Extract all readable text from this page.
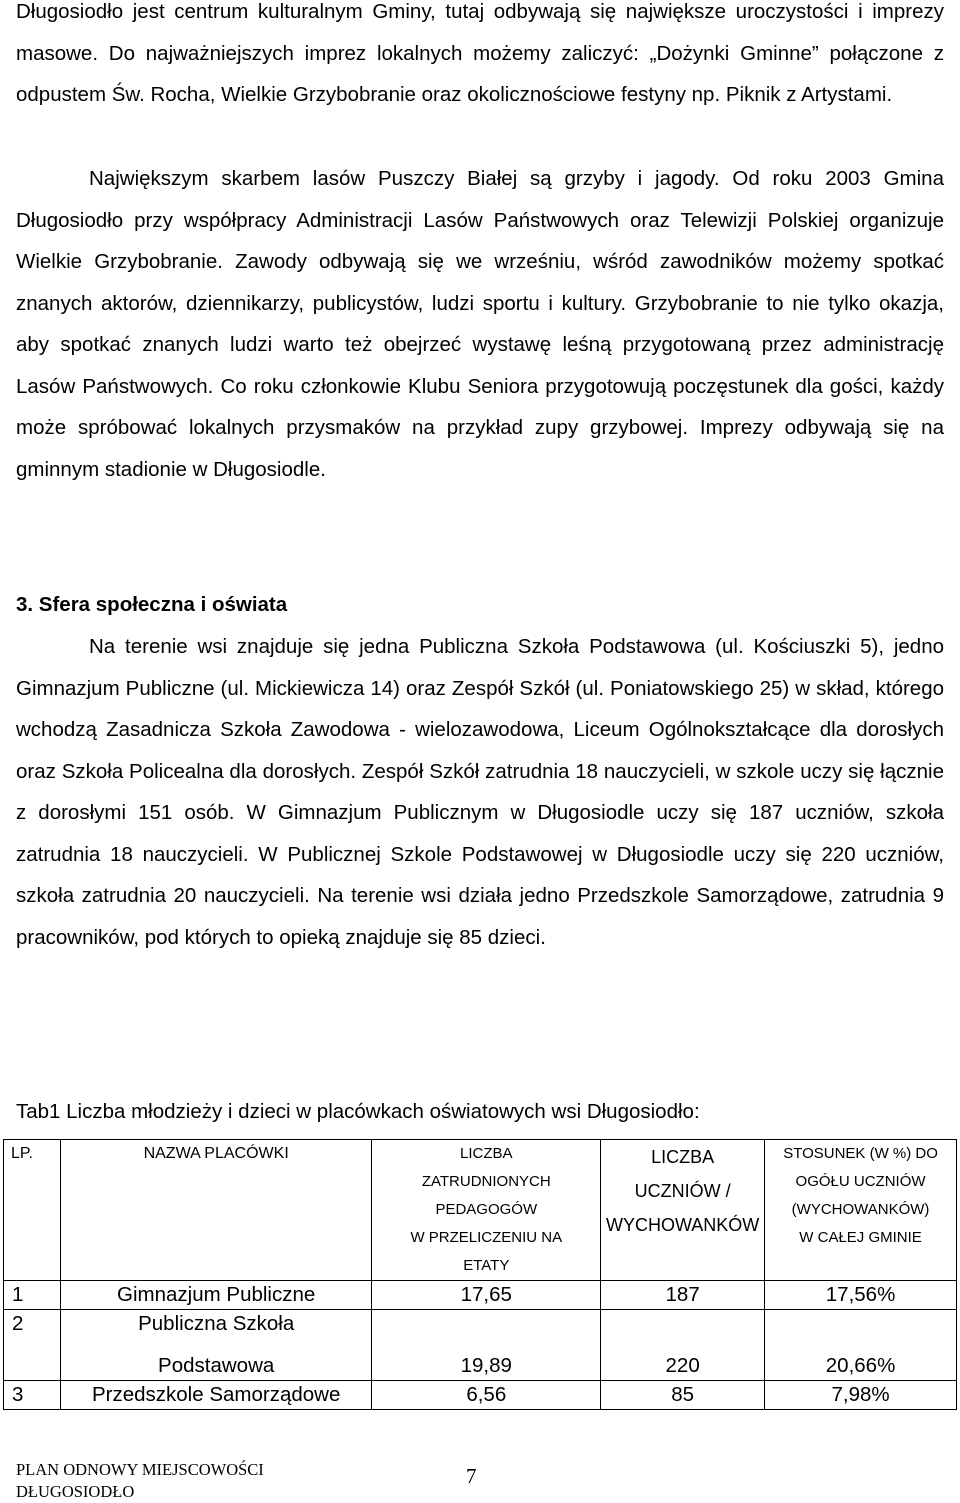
Długosiodło jest centrum kulturalnym Gminy, tutaj odbywają się największe uroczystości i imprezy masowe. Do najważniejszych imprez lokalnych możemy zaliczyć: „Dożynki Gminne” połączone z odpustem Św. Rocha, Wielkie Grzybobranie oraz okolicznościowe festyny np. Piknik z Artystami.

Największym skarbem lasów Puszczy Białej są grzyby i jagody. Od roku 2003 Gmina Długosiodło przy współpracy Administracji Lasów Państwowych oraz Telewizji Polskiej organizuje Wielkie Grzybobranie. Zawody odbywają się we wrześniu, wśród zawodników możemy spotkać znanych aktorów, dziennikarzy, publicystów, ludzi sportu i kultury. Grzybobranie to nie tylko okazja, aby spotkać znanych ludzi warto też obejrzeć wystawę leśną przygotowaną przez administrację Lasów Państwowych. Co roku członkowie Klubu Seniora przygotowują poczęstunek dla gości, każdy może spróbować lokalnych przysmaków na przykład zupy grzybowej. Imprezy odbywają się na gminnym stadionie w Długosiodle.

3. Sfera społeczna i oświata

Na terenie wsi znajduje się jedna Publiczna Szkoła Podstawowa (ul. Kościuszki 5), jedno Gimnazjum Publiczne (ul. Mickiewicza 14) oraz Zespół Szkół (ul. Poniatowskiego 25) w skład, którego wchodzą Zasadnicza Szkoła Zawodowa - wielozawodowa, Liceum Ogólnokształcące dla dorosłych oraz Szkoła Policealna dla dorosłych. Zespół Szkół zatrudnia 18 nauczycieli, w szkole uczy się łącznie z dorosłymi 151 osób. W Gimnazjum Publicznym w Długosiodle uczy się 187 uczniów, szkoła zatrudnia 18 nauczycieli. W Publicznej Szkole Podstawowej w Długosiodle uczy się 220 uczniów, szkoła zatrudnia 20 nauczycieli. Na terenie wsi działa jedno Przedszkole Samorządowe, zatrudnia 9 pracowników, pod których to opieką znajduje się 85 dzieci.

Tab1 Liczba młodzieży i dzieci w placówkach oświatowych wsi Długosiodło:

LP.	NAZWA PLACÓWKI	LICZBA
ZATRUDNIONYCH
PEDAGOGÓW
W PRZELICZENIU NA
ETATY	LICZBA
UCZNIÓW /
WYCHOWANKÓW	STOSUNEK (W %) DO
OGÓŁU UCZNIÓW
(WYCHOWANKÓW)
W CAŁEJ GMINIE

1	Gimnazjum Publiczne	17,65	187	17,56%
2	Publiczna Szkoła
Podstawowa	19,89	220	20,66%

3	Przedszkole Samorządowe	6,56	85	7,98%
PLAN ODNOWY MIEJSCOWOŚCI
DŁUGOSIODŁO

7
